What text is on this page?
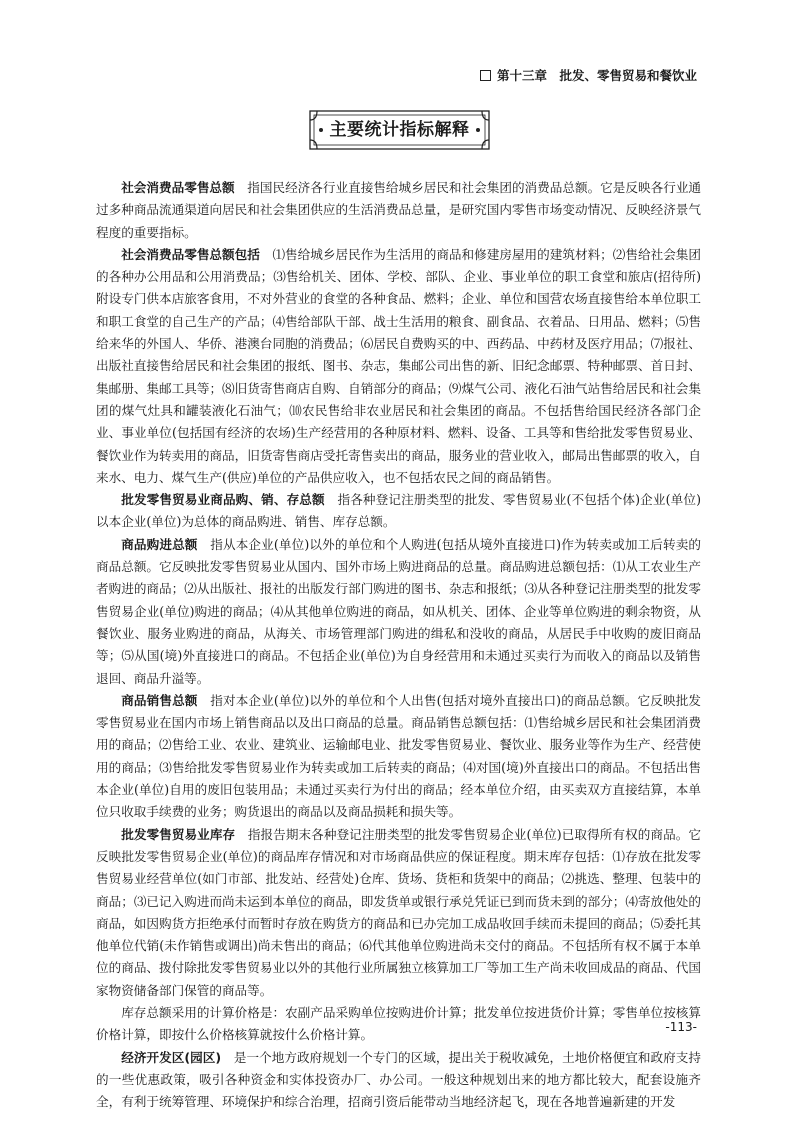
第十三章　批发、零售贸易和餐饮业
主要统计指标解释

社会消费品零售总额　 指国民经济各行业直接售给城乡居民和社会集团的消费品总额。它是反映各行业通过多种商品流通渠道向居民和社会集团供应的生活消费品总量，是研究国内零售市场变动情况、反映经济景气程度的重要指标。

社会消费品零售总额包括　 ⑴售给城乡居民作为生活用的商品和修建房屋用的建筑材料；⑵售给社会集团的各种办公用品和公用消费品；⑶售给机关、团体、学校、部队、企业、事业单位的职工食堂和旅店(招待所)附设专门供本店旅客食用，不对外营业的食堂的各种食品、燃料；企业、单位和国营农场直接售给本单位职工和职工食堂的自己生产的产品；⑷售给部队干部、战士生活用的粮食、副食品、衣着品、日用品、燃料；⑸售给来华的外国人、华侨、港澳台同胞的消费品；⑹居民自费购买的中、西药品、中药材及医疗用品；⑺报社、出版社直接售给居民和社会集团的报纸、图书、杂志，集邮公司出售的新、旧纪念邮票、特种邮票、首日封、集邮册、集邮工具等；⑻旧货寄售商店自购、自销部分的商品；⑼煤气公司、液化石油气站售给居民和社会集团的煤气灶具和罐装液化石油气；⑽农民售给非农业居民和社会集团的商品。不包括售给国民经济各部门企业、事业单位(包括国有经济的农场)生产经营用的各种原材料、燃料、设备、工具等和售给批发零售贸易业、餐饮业作为转卖用的商品，旧货寄售商店受托寄售卖出的商品，服务业的营业收入，邮局出售邮票的收入，自来水、电力、煤气生产(供应)单位的产品供应收入，也不包括农民之间的商品销售。

批发零售贸易业商品购、销、存总额　 指各种登记注册类型的批发、零售贸易业(不包括个体)企业(单位)以本企业(单位)为总体的商品购进、销售、库存总额。

商品购进总额　 指从本企业(单位)以外的单位和个人购进(包括从境外直接进口)作为转卖或加工后转卖的商品总额。它反映批发零售贸易业从国内、国外市场上购进商品的总量。商品购进总额包括：⑴从工农业生产者购进的商品；⑵从出版社、报社的出版发行部门购进的图书、杂志和报纸；⑶从各种登记注册类型的批发零售贸易企业(单位)购进的商品；⑷从其他单位购进的商品，如从机关、团体、企业等单位购进的剩余物资，从餐饮业、服务业购进的商品，从海关、市场管理部门购进的缉私和没收的商品，从居民手中收购的废旧商品等；⑸从国(境)外直接进口的商品。不包括企业(单位)为自身经营用和未通过买卖行为而收入的商品以及销售退回、商品升溢等。

商品销售总额　 指对本企业(单位)以外的单位和个人出售(包括对境外直接出口)的商品总额。它反映批发零售贸易业在国内市场上销售商品以及出口商品的总量。商品销售总额包括：⑴售给城乡居民和社会集团消费用的商品；⑵售给工业、农业、建筑业、运输邮电业、批发零售贸易业、餐饮业、服务业等作为生产、经营使用的商品；⑶售给批发零售贸易业作为转卖或加工后转卖的商品；⑷对国(境)外直接出口的商品。不包括出售本企业(单位)自用的废旧包装用品；未通过买卖行为付出的商品；经本单位介绍，由买卖双方直接结算，本单位只收取手续费的业务；购货退出的商品以及商品损耗和损失等。

批发零售贸易业库存　 指报告期末各种登记注册类型的批发零售贸易企业(单位)已取得所有权的商品。它反映批发零售贸易企业(单位)的商品库存情况和对市场商品供应的保证程度。期末库存包括：⑴存放在批发零售贸易业经营单位(如门市部、批发站、经营处)仓库、货场、货柜和货架中的商品；⑵挑选、整理、包装中的商品；⑶已记入购进而尚未运到本单位的商品，即发货单或银行承兑凭证已到而货未到的部分；⑷寄放他处的商品，如因购货方拒绝承付而暂时存放在购货方的商品和已办完加工成品收回手续而未提回的商品；⑸委托其他单位代销(未作销售或调出)尚未售出的商品；⑹代其他单位购进尚未交付的商品。不包括所有权不属于本单位的商品、拨付除批发零售贸易业以外的其他行业所属独立核算加工厂等加工生产尚未收回成品的商品、代国家物资储备部门保管的商品等。

库存总额采用的计算价格是：农副产品采购单位按购进价计算；批发单位按进货价计算；零售单位按核算价格计算，即按什么价格核算就按什么价格计算。

经济开发区(园区)　 是一个地方政府规划一个专门的区域，提出关于税收减免，土地价格便宜和政府支持的一些优惠政策，吸引各种资金和实体投资办厂、办公司。一般这种规划出来的地方都比较大，配套设施齐全，有利于统筹管理、环境保护和综合治理，招商引资后能带动当地经济起飞，现在各地普遍新建的开发

-113-
